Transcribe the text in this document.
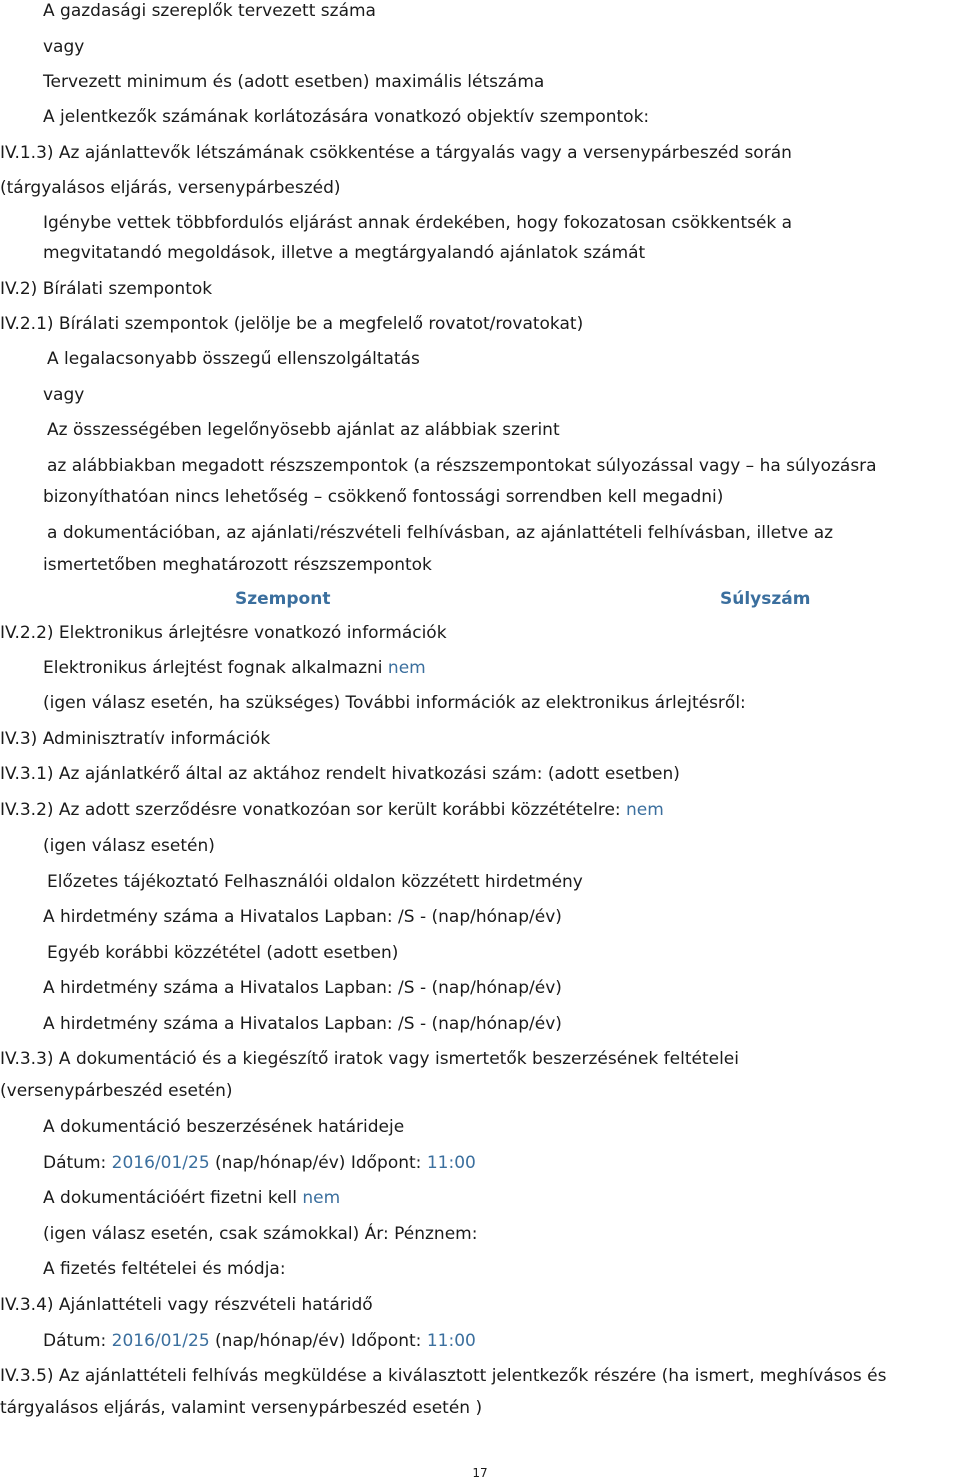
A gazdasági szereplők tervezett száma
vagy
Tervezett minimum és (adott esetben) maximális létszáma
A jelentkezők számának korlátozására vonatkozó objektív szempontok:
IV.1.3) Az ajánlattevők létszámának csökkentése a tárgyalás vagy a versenypárbeszéd során
(tárgyalásos eljárás, versenypárbeszéd)
Igénybe vettek többfordulós eljárást annak érdekében, hogy fokozatosan csökkentsék a
megvitatandó megoldások, illetve a megtárgyalandó ajánlatok számát
IV.2) Bírálati szempontok
IV.2.1) Bírálati szempontok (jelölje be a megfelelő rovatot/rovatokat)
A legalacsonyabb összegű ellenszolgáltatás
vagy
Az összességében legelőnyösebb ajánlat az alábbiak szerint
az alábbiakban megadott részszempontok (a részszempontokat súlyozással vagy – ha súlyozásra
bizonyíthatóan nincs lehetőség – csökkenő fontossági sorrendben kell megadni)
a dokumentációban, az ajánlati/részvételi felhívásban, az ajánlattételi felhívásban, illetve az
ismertetőben meghatározott részszempontok
Szempont	Súlyszám
IV.2.2) Elektronikus árlejtésre vonatkozó információk
Elektronikus árlejtést fognak alkalmazni nem
(igen válasz esetén, ha szükséges) További információk az elektronikus árlejtésről:
IV.3) Adminisztratív információk
IV.3.1) Az ajánlatkérő által az aktához rendelt hivatkozási szám: (adott esetben)
IV.3.2) Az adott szerződésre vonatkozóan sor került korábbi közzétételre: nem
(igen válasz esetén)
Előzetes tájékoztató Felhasználói oldalon közzétett hirdetmény
A hirdetmény száma a Hivatalos Lapban: /S - (nap/hónap/év)
Egyéb korábbi közzététel (adott esetben)
A hirdetmény száma a Hivatalos Lapban: /S - (nap/hónap/év)
A hirdetmény száma a Hivatalos Lapban: /S - (nap/hónap/év)
IV.3.3) A dokumentáció és a kiegészítő iratok vagy ismertetők beszerzésének feltételei
(versenypárbeszéd esetén)
A dokumentáció beszerzésének határideje
Dátum: 2016/01/25 (nap/hónap/év) Időpont: 11:00
A dokumentációért fizetni kell nem
(igen válasz esetén, csak számokkal) Ár: Pénznem:
A fizetés feltételei és módja:
IV.3.4) Ajánlattételi vagy részvételi határidő
Dátum: 2016/01/25 (nap/hónap/év) Időpont: 11:00
IV.3.5) Az ajánlattételi felhívás megküldése a kiválasztott jelentkezők részére (ha ismert, meghívásos és
tárgyalásos eljárás, valamint versenypárbeszéd esetén )
17
